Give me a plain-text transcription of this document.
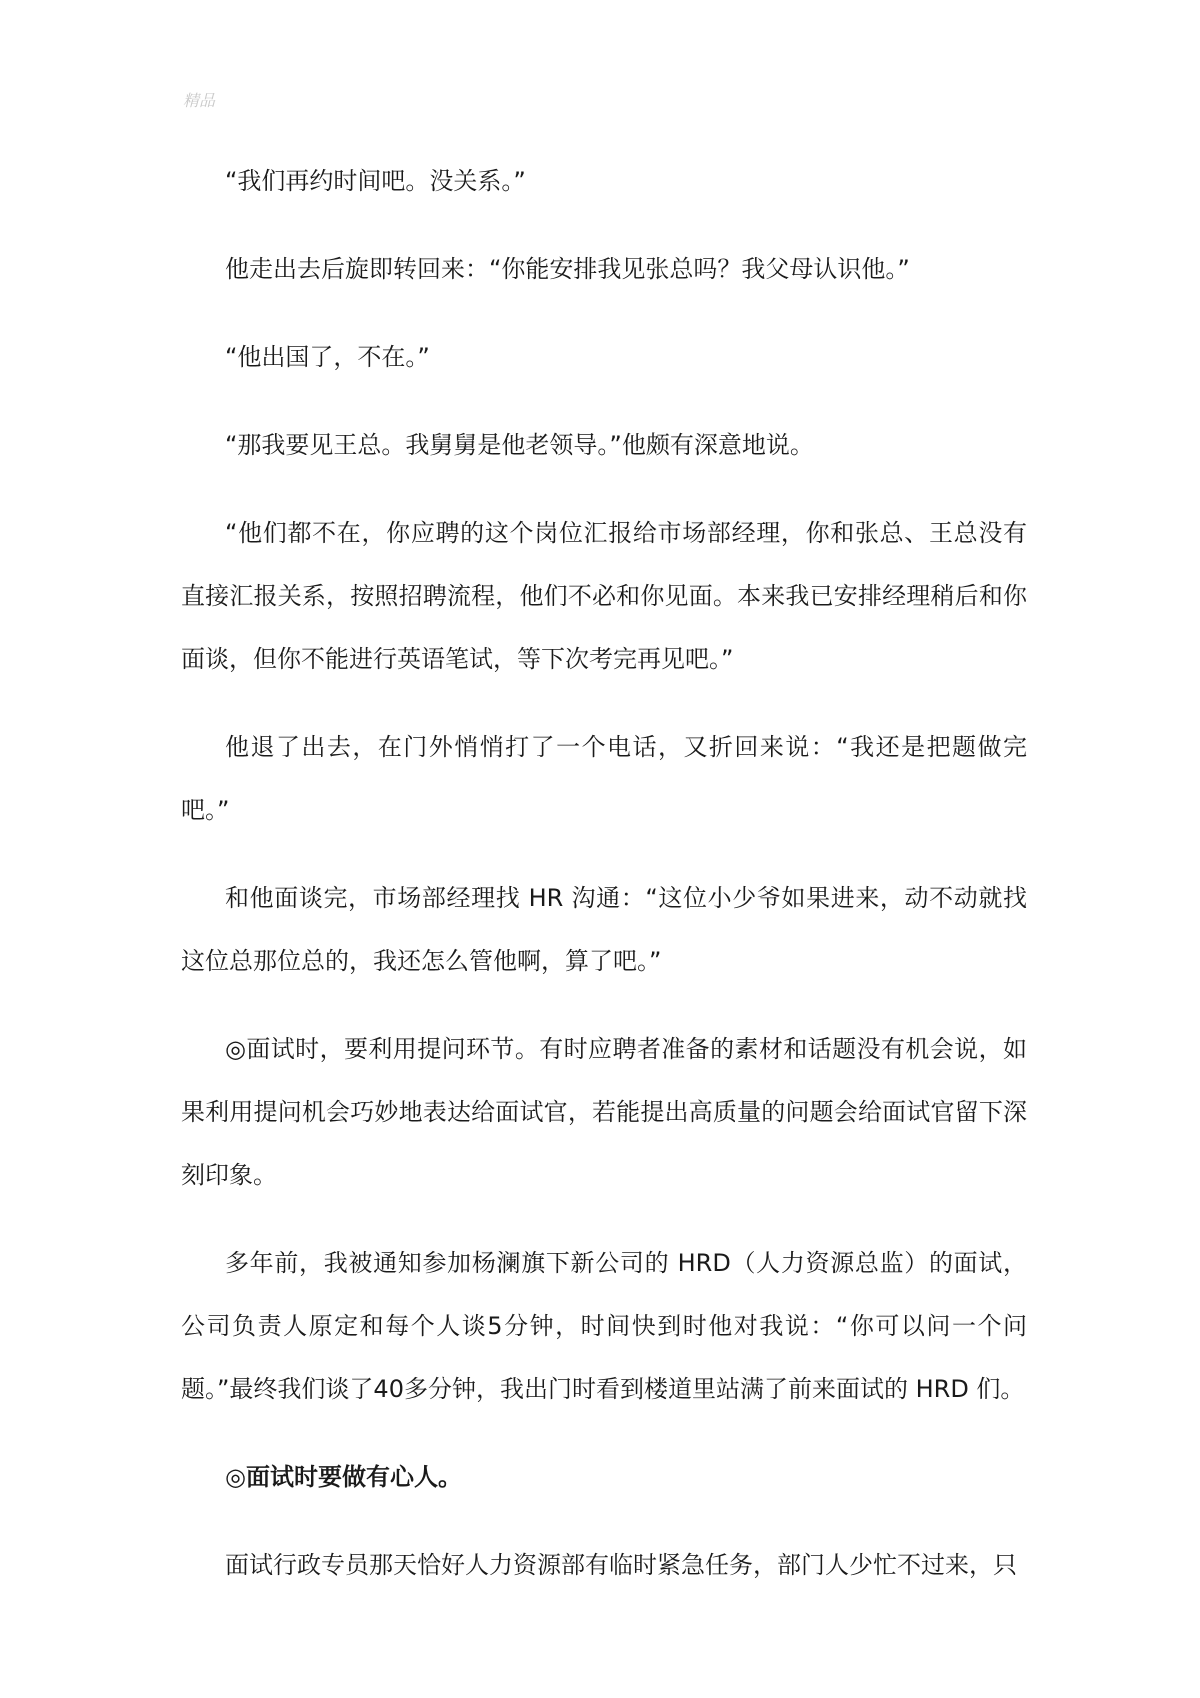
精品

“我们再约时间吧。没关系。”

他走出去后旋即转回来：“你能安排我见张总吗？我父母认识他。”

“他出国了，不在。”

“那我要见王总。我舅舅是他老领导。”他颇有深意地说。

“他们都不在，你应聘的这个岗位汇报给市场部经理，你和张总、王总没有直接汇报关系，按照招聘流程，他们不必和你见面。本来我已安排经理稍后和你面谈，但你不能进行英语笔试，等下次考完再见吧。”

他退了出去，在门外悄悄打了一个电话，又折回来说：“我还是把题做完吧。”

和他面谈完，市场部经理找 HR 沟通：“这位小少爷如果进来，动不动就找这位总那位总的，我还怎么管他啊，算了吧。”

◎面试时，要利用提问环节。有时应聘者准备的素材和话题没有机会说，如果利用提问机会巧妙地表达给面试官，若能提出高质量的问题会给面试官留下深刻印象。

多年前，我被通知参加杨澜旗下新公司的 HRD（人力资源总监）的面试，公司负责人原定和每个人谈5分钟，时间快到时他对我说：“你可以问一个问题。”最终我们谈了40多分钟，我出门时看到楼道里站满了前来面试的 HRD 们。

◎面试时要做有心人。

面试行政专员那天恰好人力资源部有临时紧急任务，部门人少忙不过来，只
